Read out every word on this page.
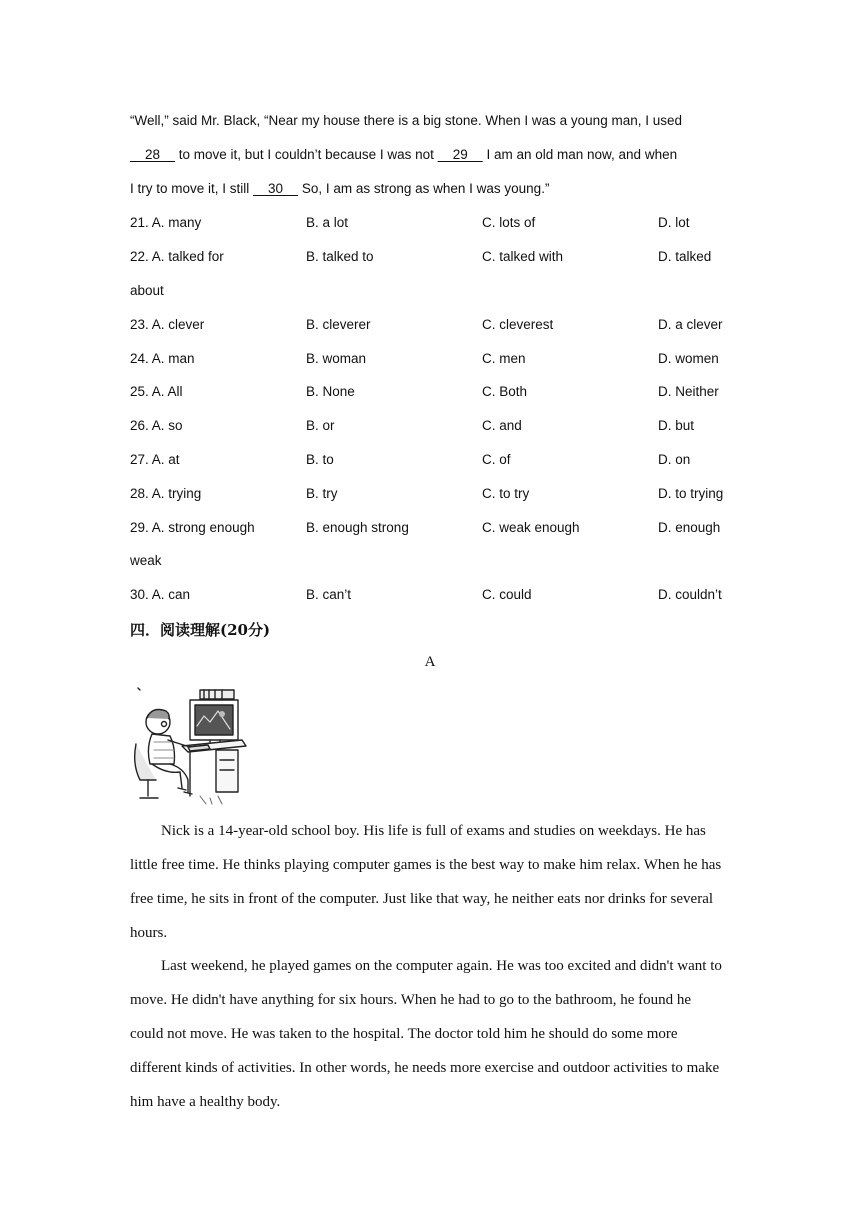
“Well,” said Mr. Black, “Near my house there is a big stone. When I was a young man, I used
28     to move it, but I couldn’t because I was not     29     I am an old man now, and when
I try to move it, I still     30     So, I am as strong as when I was young.”
21. A. many	B. a lot	C. lots of	D. lot
22. A. talked for	B. talked to	C. talked with	D. talked
about
23. A. clever	B. cleverer	C. cleverest	D. a clever
24. A. man	B. woman	C. men	D. women
25. A. All	B. None	C. Both	D. Neither
26. A. so	B. or	C. and	D. but
27. A. at	B. to	C. of	D. on
28. A. trying	B. try	C. to try	D. to trying
29. A. strong enough	B. enough strong	C. weak enough	D. enough
weak
30. A. can	B. can’t	C. could	D. couldn’t
四．阅读理解(20分)
A
Nick is a 14-year-old school boy. His life is full of exams and studies on weekdays. He has
little free time. He thinks playing computer games is the best way to make him relax. When he has
free time, he sits in front of the computer. Just like that way, he neither eats nor drinks for several
hours.
Last weekend, he played games on the computer again. He was too excited and didn't want to
move. He didn't have anything for six hours. When he had to go to the bathroom, he found he
could not move. He was taken to the hospital. The doctor told him he should do some more
different kinds of activities. In other words, he needs more exercise and outdoor activities to make
him have a healthy body.
